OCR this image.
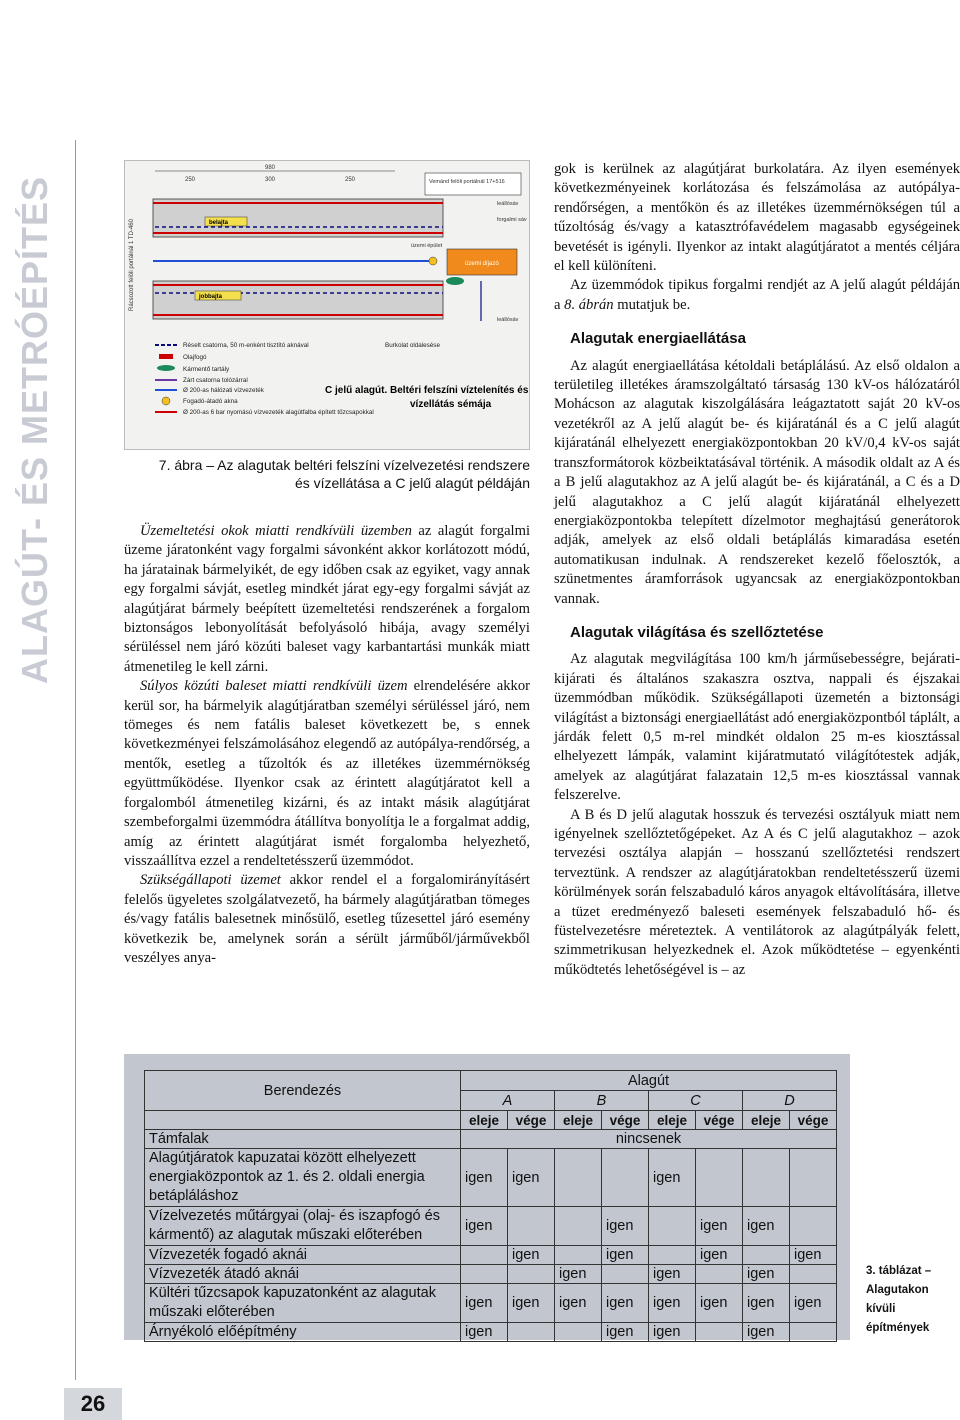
ALAGÚT- ÉS METRÓÉPÍTÉS
26
Rácsozott felöli portálnál 1 TD-460
980
250	300	250	Vemánd felöli portálnál 17+516
leállósáv
forgalmi sáv
leállósáv
belajta
jobbajta
üzemi díjazó
üzemi épület
Réselt csatorna, 50 m-enként tisztító aknával
Olajfogó
Kármentő tartály
Zárt csatorna tolózárral
Ø 200-as hálózati vízvezeték
Fogadó-átadó akna
Ø 200-as 6 bar nyomású vízvezeték alagútfalba épített tűzcsapokkal
Burkolat oldalesése
C jelű alagút. Beltéri felszíni víztelenítés és
vízellátás sémája
7. ábra – Az alagutak beltéri felszíni vízelvezetési rendszere
és vízellátása a C jelű alagút példáján

Üzemeltetési okok miatti rendkívüli üzemben az alagút forgalmi üzeme járatonként vagy forgalmi sávonként akkor korlátozott módú, ha járatainak bármelyikét, de egy időben csak az egyiket, vagy annak egy forgalmi sávját, esetleg mindkét járat egy-egy forgalmi sávját az alagútjárat bármely beépített üzemeltetési rendszerének a forgalom biztonságos lebonyolítását befolyásoló hibája, avagy személyi sérüléssel nem járó közúti baleset vagy karbantartási munkák miatt átmenetileg le kell zárni.

Súlyos közúti baleset miatti rendkívüli üzem elrendelésére akkor kerül sor, ha bármelyik alagútjáratban személyi sérüléssel járó, nem tömeges és nem fatális baleset következett be, s ennek következményei felszámolásához elegendő az autópálya-rendőrség, a mentők, esetleg a tűzoltók és az illetékes üzemmérnökség együttműködése. Ilyenkor csak az érintett alagútjáratot kell a forgalomból átmenetileg kizárni, és az intakt másik alagútjárat szembeforgalmi üzemmódra átállítva bonyolítja le a forgalmat addig, amíg az érintett alagútjárat ismét forgalomba helyezhető, visszaállítva ezzel a rendeltetésszerű üzemmódot.

Szükségállapoti üzemet akkor rendel el a forgalomirányításért felelős ügyeletes szolgálatvezető, ha bármely alagútjáratban tömeges és/vagy fatális balesetnek minősülő, esetleg tűzesettel járó esemény következik be, amelynek során a sérült járműből/járművekből veszélyes anya-

gok is kerülnek az alagútjárat burkolatára. Az ilyen események következményeinek korlátozása és felszámolása az autópálya-rendőrségen, a mentőkön és az illetékes üzemmérnökségen túl a tűzoltóság és/vagy a katasztrófavédelem magasabb egységeinek bevetését is igényli. Ilyenkor az intakt alagútjáratot a mentés céljára el kell különíteni.

Az üzemmódok tipikus forgalmi rendjét az A jelű alagút példáján a 8. ábrán mutatjuk be.

Alagutak energiaellátása

Az alagút energiaellátása kétoldali betáplálású. Az első oldalon a területileg illetékes áramszolgáltató társaság 130 kV-os hálózatáról Mohácson az alagutak kiszolgálására leágaztatott saját 20 kV-os vezetékről az A jelű alagút be- és kijáratánál és a C jelű alagút kijáratánál elhelyezett energiaközpontokban 20 kV/0,4 kV-os saját transzformátorok közbeiktatásával történik. A második oldalt az A és a B jelű alagutakhoz az A jelű alagút be- és kijáratánál, a C és a D jelű alagutakhoz a C jelű alagút kijáratánál elhelyezett energiaközpontokba telepített dízelmotor meghajtású generátorok adják, amelyek az első oldali betáplálás kimaradása esetén automatikusan indulnak. A rendszereket kezelő főelosztók, a szünetmentes áramforrások ugyancsak az energiaközpontokban vannak.

Alagutak világítása és szellőztetése

Az alagutak megvilágítása 100 km/h járműsebességre, bejárati-kijárati és általános szakaszra osztva, nappali és éjszakai üzemmódban működik. Szükségállapoti üzemetén a biztonsági világítást a biztonsági energiaellátást adó energiaközpontból táplált, a járdák felett 0,5 m-rel mindkét oldalon 25 m-es kiosztással elhelyezett lámpák, valamint kijáratmutató világítótestek adják, amelyek az alagútjárat falazatain 12,5 m-es kiosztással vannak felszerelve.

A B és D jelű alagutak hosszuk és tervezési osztályuk miatt nem igényelnek szellőztetőgépeket. Az A és C jelű alagutakhoz – azok tervezési osztálya alapján – hosszanú szellőztetési rendszert terveztünk. A rendszer az alagútjáratokban rendeltetésszerű üzemi körülmények során felszabaduló káros anyagok eltávolítására, illetve a tüzet eredményező baleseti események felszabaduló hő- és füstelvezetésre méreteztek. A ventilátorok az alagútpályák felett, szimmetrikusan helyezkednek el. Azok működtetése – egyenkénti működtetés lehetőségével is – az

Berendezés	Alagút							
	A		B		C		D	
	eleje	vége	eleje	vége	eleje	vége	eleje	vége
Támfalak	nincsenek							
Alagútjáratok kapuzatai között elhelyezett energiaközpontok az 1. és 2. oldali energia betápláláshoz	igen	igen			igen			
Vízelvezetés műtárgyai (olaj- és iszapfogó és kármentő) az alagutak műszaki előterében	igen			igen		igen	igen	
Vízvezeték fogadó aknái		igen		igen		igen		igen
Vízvezeték átadó aknái			igen		igen		igen	
Kültéri tűzcsapok kapuzatonként az alagutak műszaki előterében	igen	igen	igen	igen	igen	igen	igen	igen
Árnyékoló előépítmény	igen			igen	igen		igen	
3. táblázat –
Alagutakon
kívüli
építmények
